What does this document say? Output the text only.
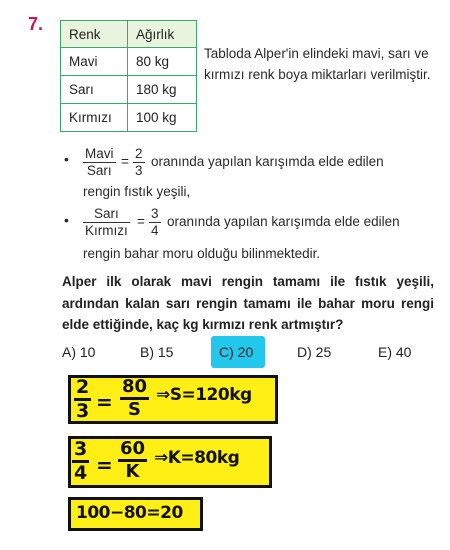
7. Renk	Ağırlık
Mavi	80 kg
Sarı	180 kg
Kırmızı	100 kg
Tabloda Alper'in elindeki mavi, sarı ve kırmızı renk boya miktarları verilmiştir.
• Mavi
Sarı
= $\frac{2}{3}$ oranında yapılan karışımda elde edilen
rengin fıstık yeşili,
•	Sarı
Kırmızı
= $\frac{3}{4}$ oranında yapılan karışımda elde edilen
rengin bahar moru olduğu bilinmektedir.
Alper ilk olarak mavi rengin tamamı ile fıstık yeşili, ardından kalan sarı rengin tamamı ile bahar moru rengi elde ettiğinde, kaç kg kırmızı renk artmıştır?
A) 10	B) 15	C) 20	D) 25	E) 40
$\frac{2}{3} = \frac{80}{S}$ ⇒S=120kg
$\frac{3}{4} = \frac{60}{K}$ ⇒K=80kg
100−80=20
